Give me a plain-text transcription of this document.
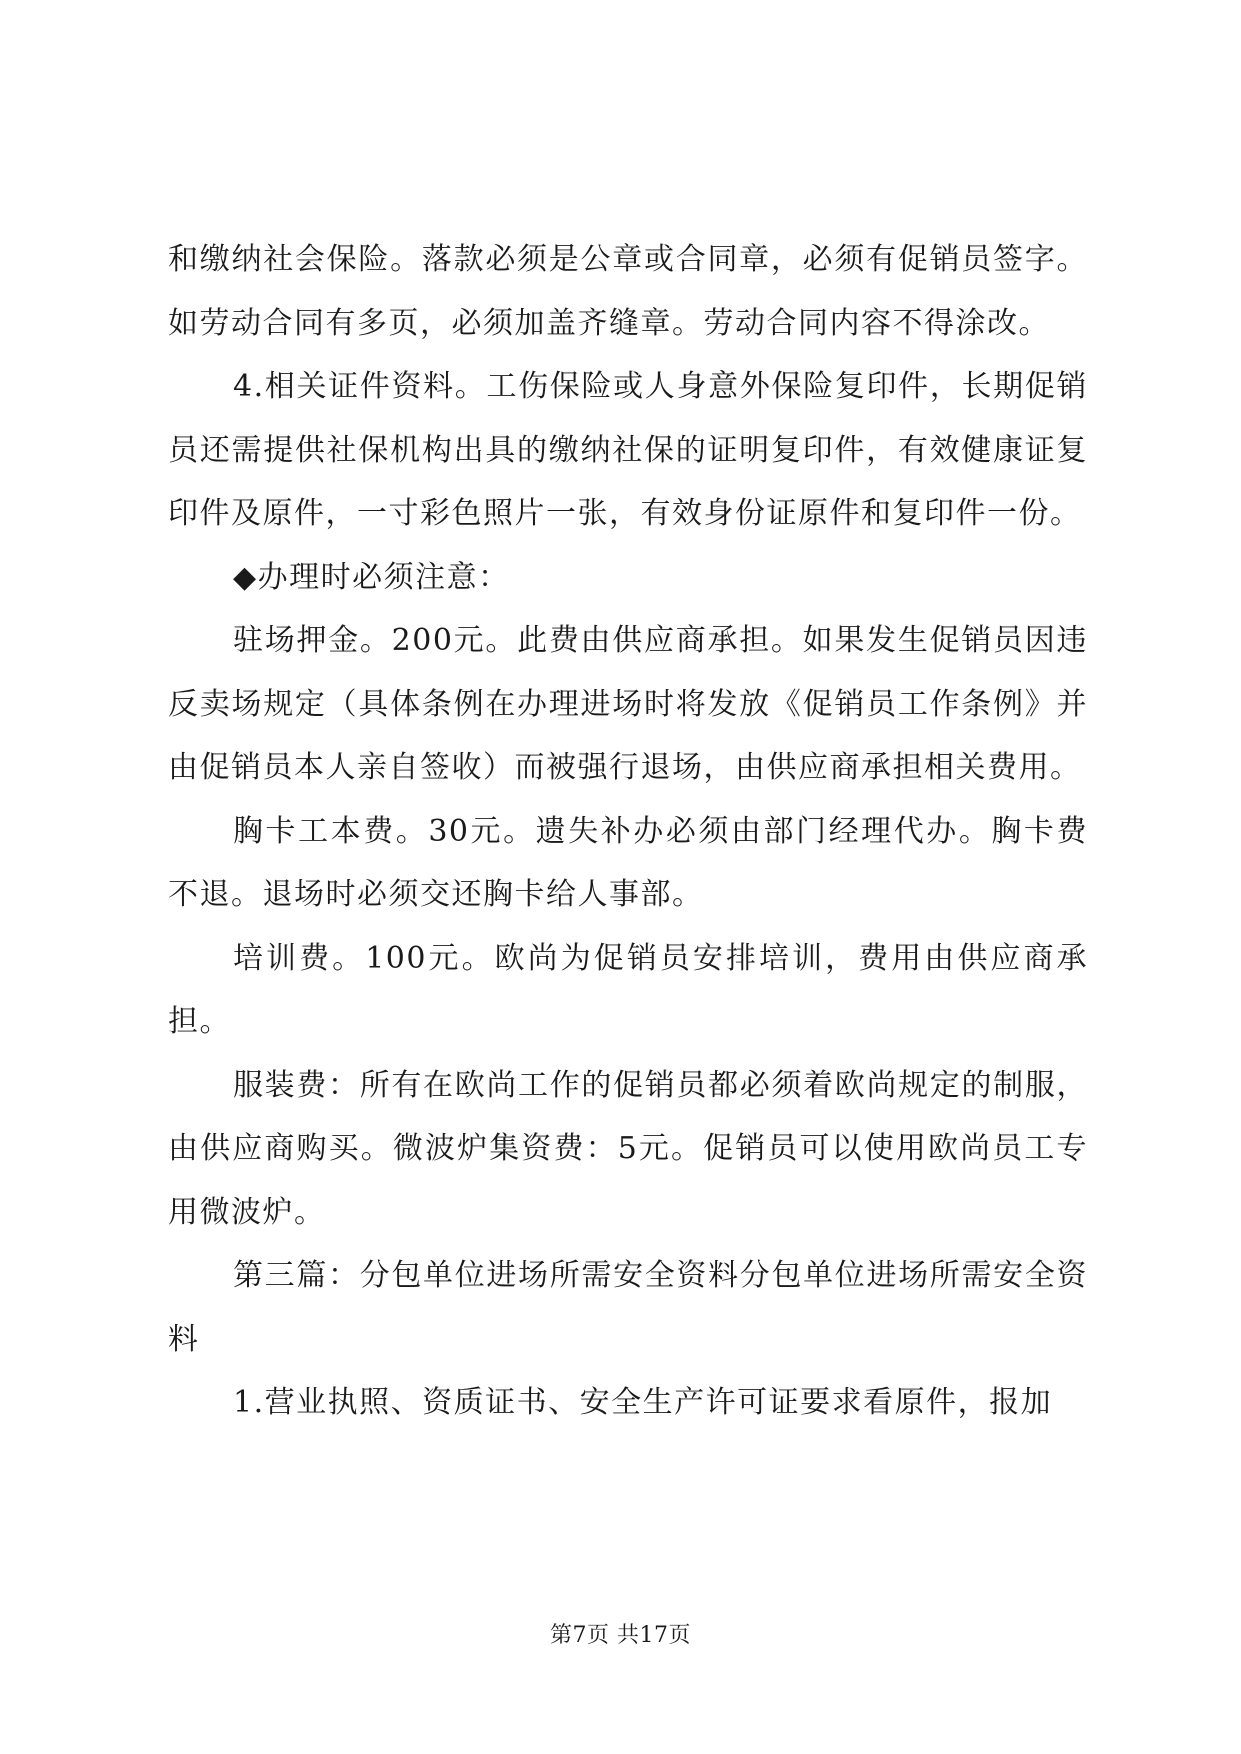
和缴纳社会保险。落款必须是公章或合同章，必须有促销员签字。如劳动合同有多页，必须加盖齐缝章。劳动合同内容不得涂改。

4.相关证件资料。工伤保险或人身意外保险复印件，长期促销员还需提供社保机构出具的缴纳社保的证明复印件，有效健康证复印件及原件，一寸彩色照片一张，有效身份证原件和复印件一份。

◆办理时必须注意：

驻场押金。200元。此费由供应商承担。如果发生促销员因违反卖场规定（具体条例在办理进场时将发放《促销员工作条例》并由促销员本人亲自签收）而被强行退场，由供应商承担相关费用。

胸卡工本费。30元。遗失补办必须由部门经理代办。胸卡费不退。退场时必须交还胸卡给人事部。

培训费。100元。欧尚为促销员安排培训，费用由供应商承担。

服装费：所有在欧尚工作的促销员都必须着欧尚规定的制服，由供应商购买。微波炉集资费：5元。促销员可以使用欧尚员工专用微波炉。

第三篇：分包单位进场所需安全资料分包单位进场所需安全资料

1.营业执照、资质证书、安全生产许可证要求看原件，报加

第7页 共17页
